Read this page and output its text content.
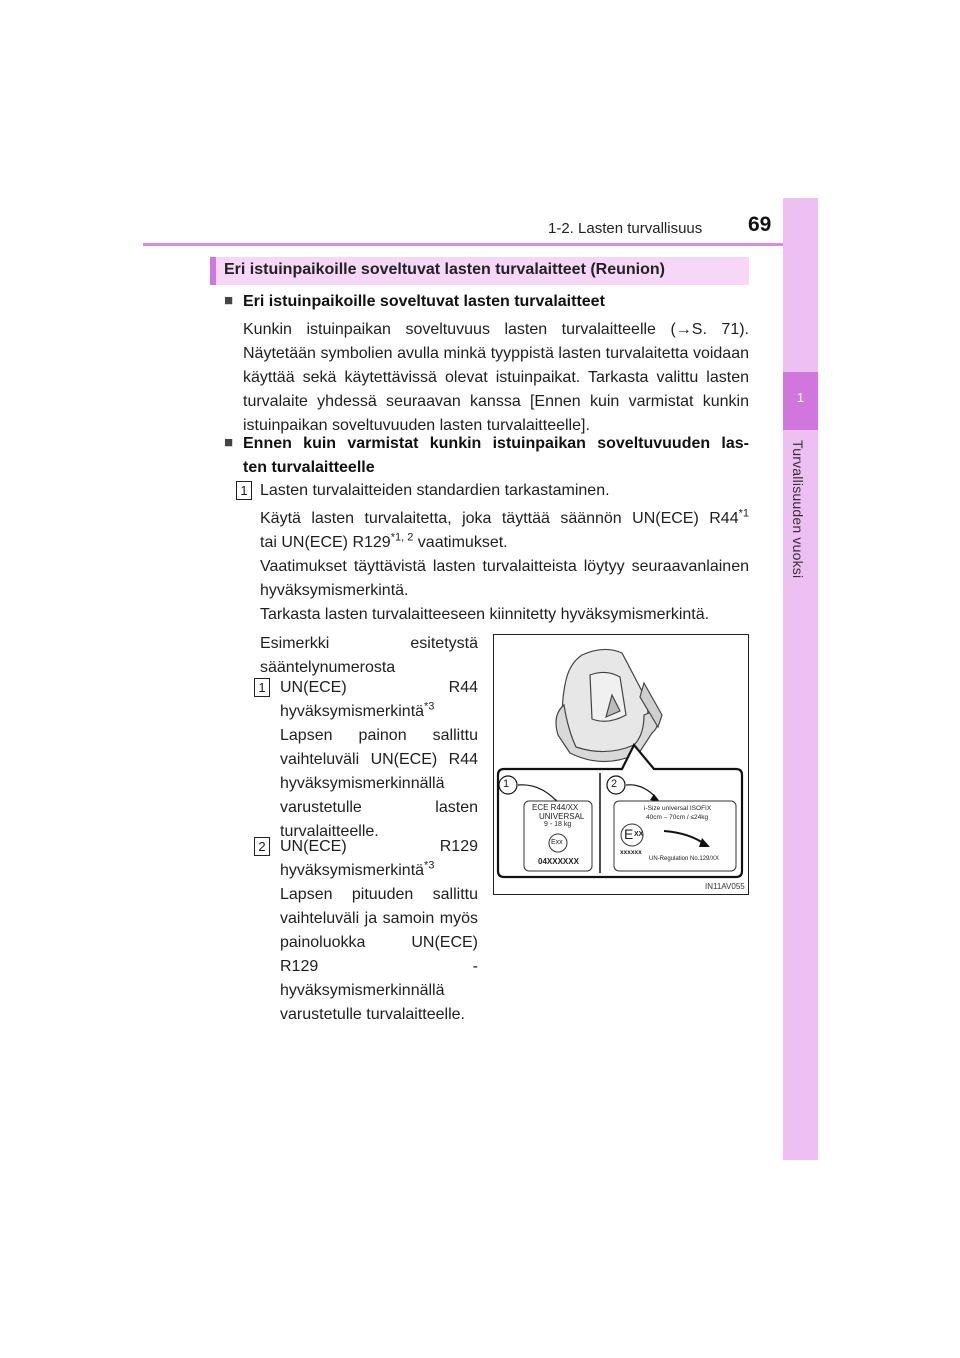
1-2. Lasten turvallisuus 69
1
Turvallisuuden vuoksi
Eri istuinpaikoille soveltuvat lasten turvalaitteet (Reunion)
■ Eri istuinpaikoille soveltuvat lasten turvalaitteet
Kunkin istuinpaikan soveltuvuus lasten turvalaitteelle (→S. 71). Näytetään symbolien avulla minkä tyyppistä lasten turvalaitetta voidaan käyttää sekä käytettävissä olevat istuinpaikat. Tarkasta valittu lasten turvalaite yhdessä seuraavan kanssa [Ennen kuin varmistat kunkin istuinpaikan soveltuvuuden lasten turvalaitteelle].
■ Ennen kuin varmistat kunkin istuinpaikan soveltuvuuden las-
ten turvalaitteelle
1 Lasten turvalaitteiden standardien tarkastaminen.
Käytä lasten turvalaitetta, joka täyttää säännön UN(ECE) R44$^{*1}$
tai UN(ECE) R129$^{*1, 2}$ vaatimukset.
Vaatimukset täyttävistä lasten turvalaitteista löytyy seuraavanlainen hyväksymismerkintä.
Tarkasta lasten turvalaitteeseen kiinnitetty hyväksymismerkintä.
Esimerkki esitetystä sääntelynumerosta
1 UN(ECE) R44 hyväksymismerkintä$^{*3}$
Lapsen painon sallittu vaihteluväli UN(ECE) R44 hyväksymismerkinnällä varustetulle lasten turvalaitteelle.
2 UN(ECE) R129 hyväksymismerkintä$^{*3}$
Lapsen pituuden sallittu vaihteluväli ja samoin myös painoluokka UN(ECE) R129 -hyväksymismerkinnällä varustetulle turvalaitteelle.
1	2
ECE R44/XX
UNIVERSAL
9 - 18 kg
Exx
04XXXXXX
i-Size universal ISOFIX
40cm – 70cm / ≤24kg
E XX
xxxxxx
UN-Regulation No.129/XX
IN11AV055
